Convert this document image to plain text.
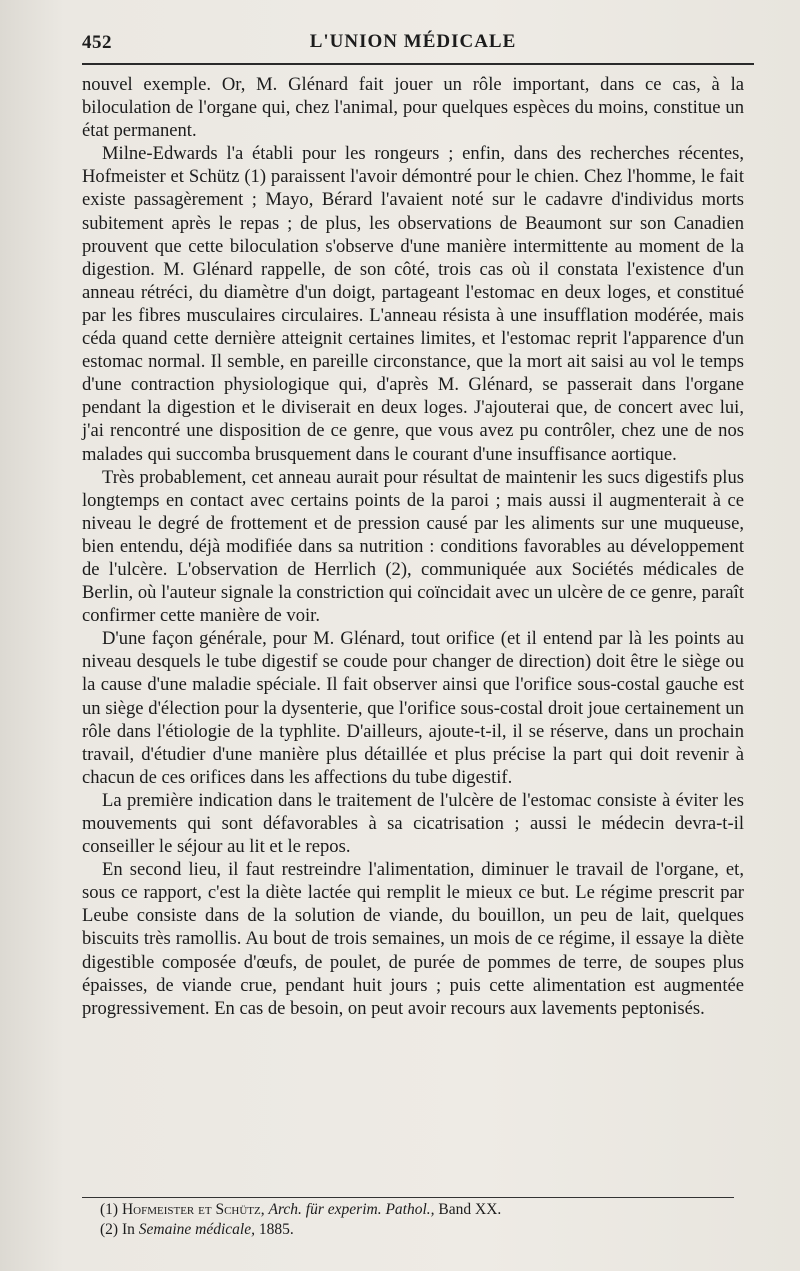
452	L'UNION MÉDICALE

nouvel exemple. Or, M. Glénard fait jouer un rôle important, dans ce cas, à la biloculation de l'organe qui, chez l'animal, pour quelques espèces du moins, constitue un état permanent.

Milne-Edwards l'a établi pour les rongeurs ; enfin, dans des recherches récentes, Hofmeister et Schütz (1) paraissent l'avoir démontré pour le chien. Chez l'homme, le fait existe passagèrement ; Mayo, Bérard l'avaient noté sur le cadavre d'individus morts subitement après le repas ; de plus, les observations de Beaumont sur son Canadien prouvent que cette biloculation s'observe d'une manière intermittente au moment de la digestion. M. Glénard rappelle, de son côté, trois cas où il constata l'existence d'un anneau rétréci, du diamètre d'un doigt, partageant l'estomac en deux loges, et constitué par les fibres musculaires circulaires. L'anneau résista à une insufflation modérée, mais céda quand cette dernière atteignit certaines limites, et l'estomac reprit l'apparence d'un estomac normal. Il semble, en pareille circonstance, que la mort ait saisi au vol le temps d'une contraction physiologique qui, d'après M. Glénard, se passerait dans l'organe pendant la digestion et le diviserait en deux loges. J'ajouterai que, de concert avec lui, j'ai rencontré une disposition de ce genre, que vous avez pu contrôler, chez une de nos malades qui succomba brusquement dans le courant d'une insuffisance aortique.

Très probablement, cet anneau aurait pour résultat de maintenir les sucs digestifs plus longtemps en contact avec certains points de la paroi ; mais aussi il augmenterait à ce niveau le degré de frottement et de pression causé par les aliments sur une muqueuse, bien entendu, déjà modifiée dans sa nutrition : conditions favorables au développement de l'ulcère. L'observation de Herrlich (2), communiquée aux Sociétés médicales de Berlin, où l'auteur signale la constriction qui coïncidait avec un ulcère de ce genre, paraît confirmer cette manière de voir.

D'une façon générale, pour M. Glénard, tout orifice (et il entend par là les points au niveau desquels le tube digestif se coude pour changer de direction) doit être le siège ou la cause d'une maladie spéciale. Il fait observer ainsi que l'orifice sous-costal gauche est un siège d'élection pour la dysenterie, que l'orifice sous-costal droit joue certainement un rôle dans l'étiologie de la typhlite. D'ailleurs, ajoute-t-il, il se réserve, dans un prochain travail, d'étudier d'une manière plus détaillée et plus précise la part qui doit revenir à chacun de ces orifices dans les affections du tube digestif.

La première indication dans le traitement de l'ulcère de l'estomac consiste à éviter les mouvements qui sont défavorables à sa cicatrisation ; aussi le médecin devra-t-il conseiller le séjour au lit et le repos.

En second lieu, il faut restreindre l'alimentation, diminuer le travail de l'organe, et, sous ce rapport, c'est la diète lactée qui remplit le mieux ce but. Le régime prescrit par Leube consiste dans de la solution de viande, du bouillon, un peu de lait, quelques biscuits très ramollis. Au bout de trois semaines, un mois de ce régime, il essaye la diète digestible composée d'œufs, de poulet, de purée de pommes de terre, de soupes plus épaisses, de viande crue, pendant huit jours ; puis cette alimentation est augmentée progressivement. En cas de besoin, on peut avoir recours aux lavements peptonisés.

(1) Hofmeister et Schütz, Arch. für experim. Pathol., Band XX.
(2) In Semaine médicale, 1885.
